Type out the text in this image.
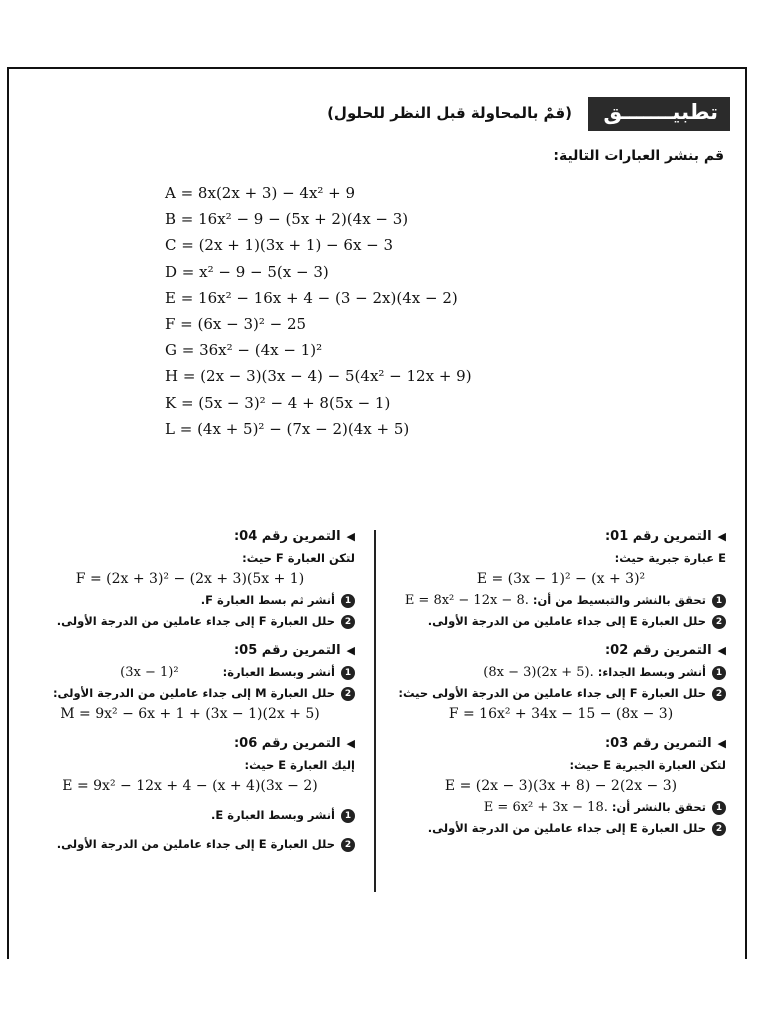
تطبيـــــــق
(قمْ بالمحاولة قبل النظر للحلول)
قم بنشر العبارات التالية:
A = 8x(2x + 3) − 4x² + 9
B = 16x² − 9 − (5x + 2)(4x − 3)
C = (2x + 1)(3x + 1) − 6x − 3
D = x² − 9 − 5(x − 3)
E = 16x² − 16x + 4 − (3 − 2x)(4x − 2)
F = (6x − 3)² − 25
G = 36x² − (4x − 1)²
H = (2x − 3)(3x − 4) − 5(4x² − 12x + 9)
K = (5x − 3)² − 4 + 8(5x − 1)
L = (4x + 5)² − (7x − 2)(4x + 5)
◀التمرين رقم 01:
E عبارة جبرية حيث:
E = (3x − 1)² − (x + 3)²
1تحقق بالنشر والتبسيط من أن: E = 8x² − 12x − 8.
2حلل العبارة E إلى جداء عاملين من الدرجة الأولى.
◀التمرين رقم 02:
1أنشر وبسط الجداء: (8x − 3)(2x + 5).
2حلل العبارة F إلى جداء عاملين من الدرجة الأولى حيث:
F = 16x² + 34x − 15 − (8x − 3)
◀التمرين رقم 03:
لتكن العبارة الجبرية E حيث:
E = (2x − 3)(3x + 8) − 2(2x − 3)
1تحقق بالنشر أن: E = 6x² + 3x − 18.
2حلل العبارة E إلى جداء عاملين من الدرجة الأولى.
◀التمرين رقم 04:
لتكن العبارة F حيث:
F = (2x + 3)² − (2x + 3)(5x + 1)
1أنشر ثم بسط العبارة F.
2حلل العبارة F إلى جداء عاملين من الدرجة الأولى.
◀التمرين رقم 05:
1أنشر وبسط العبارة:           (3x − 1)²
2حلل العبارة M إلى جداء عاملين من الدرجة الأولى:
M = 9x² − 6x + 1 + (3x − 1)(2x + 5)
◀التمرين رقم 06:
إليك العبارة E حيث:
E = 9x² − 12x + 4 − (x + 4)(3x − 2)
1أنشر وبسط العبارة E.
2حلل العبارة E إلى جداء عاملين من الدرجة الأولى.
